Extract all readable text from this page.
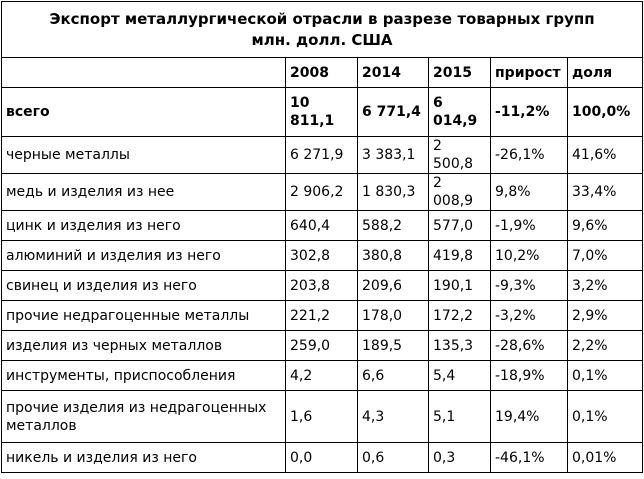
Экспорт металлургической отрасли в разрезе товарных групп
млн. долл. США					
	2008	2014	2015	прирост	доля
всего	10 811,1	6 771,4	6 014,9	-11,2%	100,0%
черные металлы	6 271,9	3 383,1	2 500,8	-26,1%	41,6%
медь и изделия из нее	2 906,2	1 830,3	2 008,9	9,8%	33,4%
цинк и изделия из него	640,4	588,2	577,0	-1,9%	9,6%
алюминий и изделия из него	302,8	380,8	419,8	10,2%	7,0%
свинец и изделия из него	203,8	209,6	190,1	-9,3%	3,2%
прочие недрагоценные металлы	221,2	178,0	172,2	-3,2%	2,9%
изделия из черных металлов	259,0	189,5	135,3	-28,6%	2,2%
инструменты, приспособления	4,2	6,6	5,4	-18,9%	0,1%
прочие изделия из недрагоценных металлов	1,6	4,3	5,1	19,4%	0,1%
никель и изделия из него	0,0	0,6	0,3	-46,1%	0,01%
